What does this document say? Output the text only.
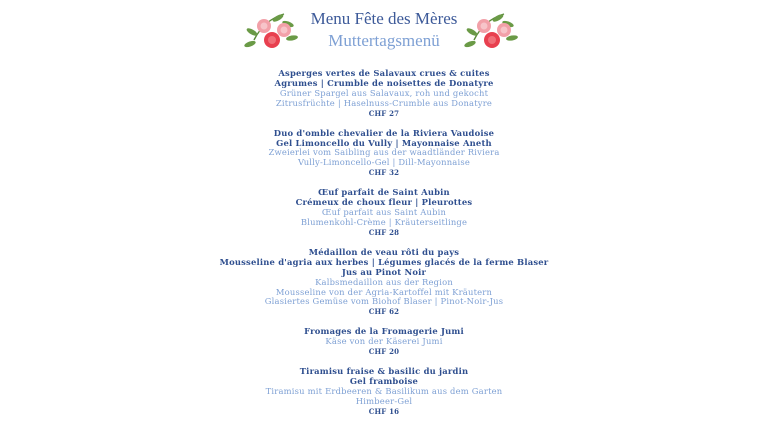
Menu Fête des Mères
Muttertagsmenü
Asperges vertes de Salavaux crues & cuites
Agrumes | Crumble de noisettes de Donatyre
Grüner Spargel aus Salavaux, roh und gekocht
Zitrusfrüchte | Haselnuss-Crumble aus Donatyre
CHF 27
Duo d'omble chevalier de la Riviera Vaudoise
Gel Limoncello du Vully | Mayonnaise Aneth
Zweierlei vom Saibling aus der waadtländer Riviera
Vully-Limoncello-Gel | Dill-Mayonnaise
CHF 32
Œuf parfait de Saint Aubin
Crémeux de choux fleur | Pleurottes
Œuf parfait aus Saint Aubin
Blumenkohl-Crème | Kräuterseitlinge
CHF 28
Médaillon de veau rôti du pays
Mousseline d'agria aux herbes | Légumes glacés de la ferme Blaser
Jus au Pinot Noir
Kalbsmedaillon aus der Region
Mousseline von der Agria-Kartoffel mit Kräutern
Glasiertes Gemüse vom Biohof Blaser | Pinot-Noir-Jus
CHF 62
Fromages de la Fromagerie Jumi
Käse von der Käserei Jumi
CHF 20
Tiramisu fraise & basilic du jardin
Gel framboise
Tiramisu mit Erdbeeren & Basilikum aus dem Garten
Himbeer-Gel
CHF 16
